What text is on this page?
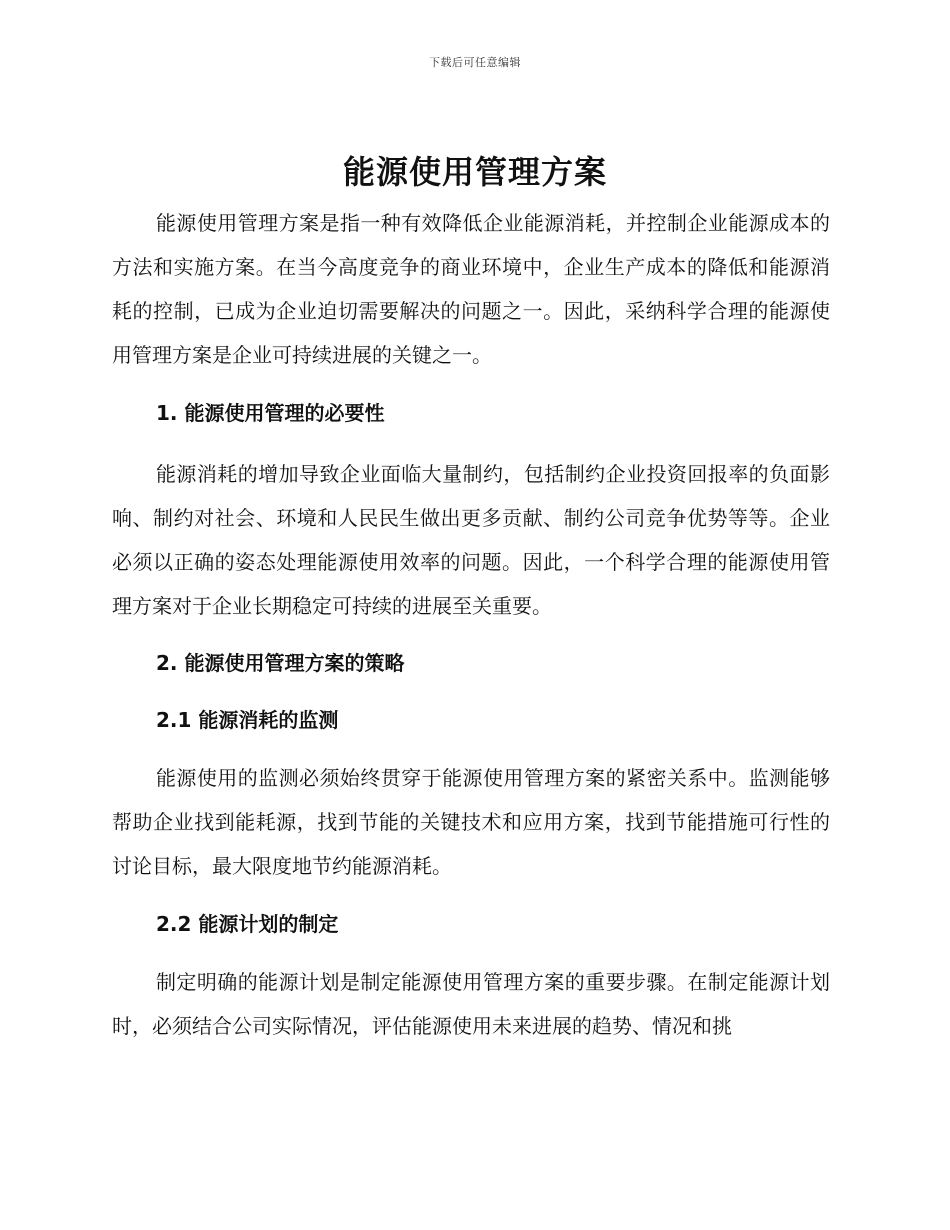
下载后可任意编辑
能源使用管理方案

能源使用管理方案是指一种有效降低企业能源消耗，并控制企业能源成本的方法和实施方案。在当今高度竞争的商业环境中，企业生产成本的降低和能源消耗的控制，已成为企业迫切需要解决的问题之一。因此，采纳科学合理的能源使用管理方案是企业可持续进展的关键之一。

1. 能源使用管理的必要性

能源消耗的增加导致企业面临大量制约，包括制约企业投资回报率的负面影响、制约对社会、环境和人民民生做出更多贡献、制约公司竞争优势等等。企业必须以正确的姿态处理能源使用效率的问题。因此，一个科学合理的能源使用管理方案对于企业长期稳定可持续的进展至关重要。

2. 能源使用管理方案的策略
2.1 能源消耗的监测

能源使用的监测必须始终贯穿于能源使用管理方案的紧密关系中。监测能够帮助企业找到能耗源，找到节能的关键技术和应用方案，找到节能措施可行性的讨论目标，最大限度地节约能源消耗。

2.2 能源计划的制定

制定明确的能源计划是制定能源使用管理方案的重要步骤。在制定能源计划时，必须结合公司实际情况，评估能源使用未来进展的趋势、情况和挑
